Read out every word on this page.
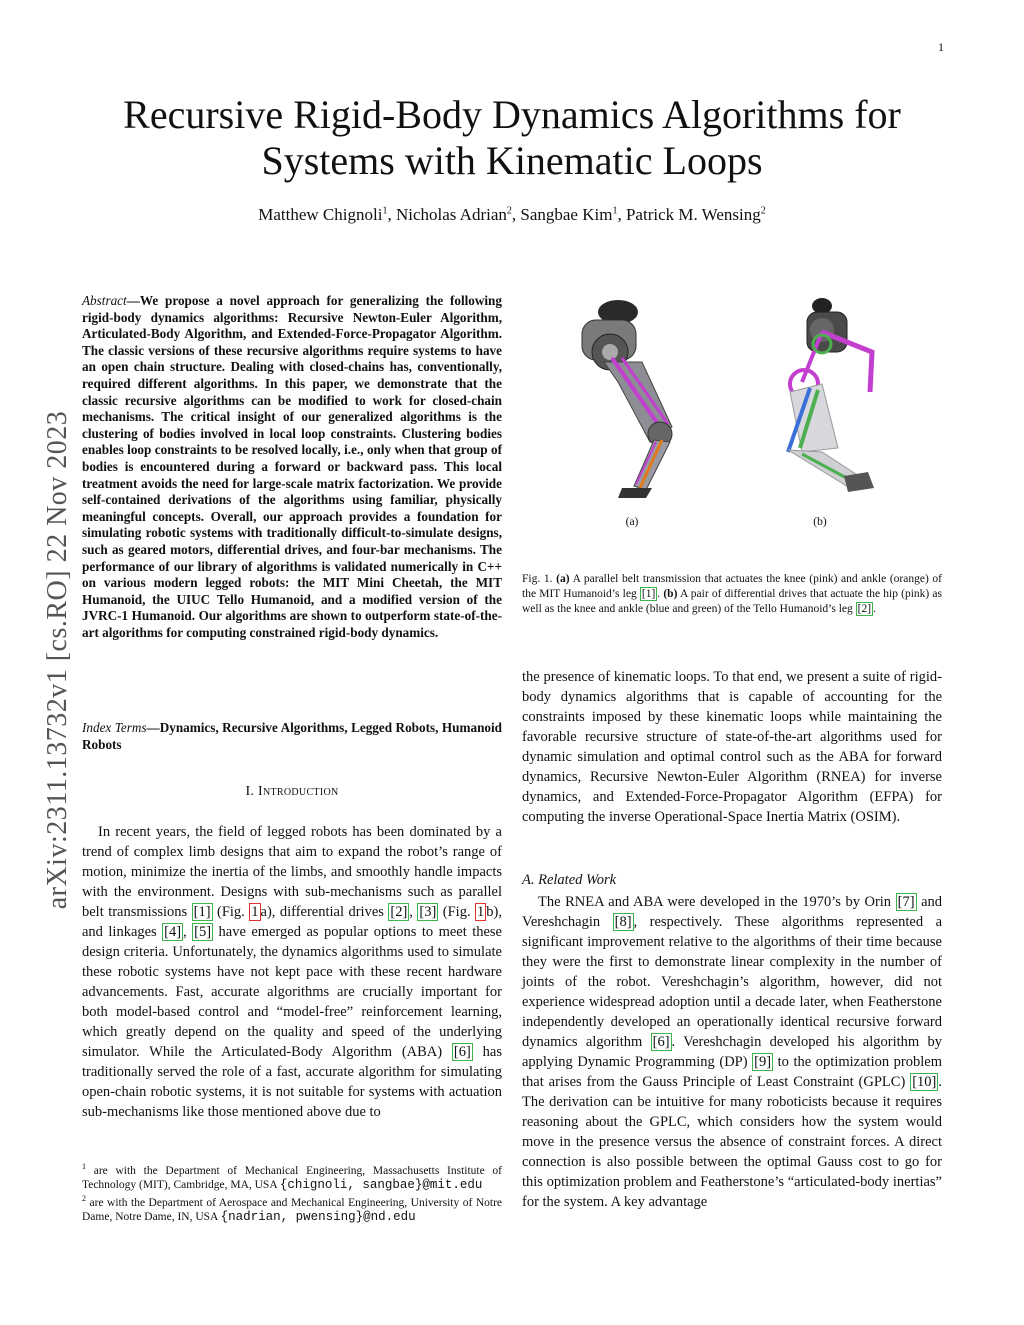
1
arXiv:2311.13732v1 [cs.RO] 22 Nov 2023
Recursive Rigid-Body Dynamics Algorithms for Systems with Kinematic Loops
Matthew Chignoli$^1$, Nicholas Adrian$^2$, Sangbae Kim$^1$, Patrick M. Wensing$^2$
Abstract—We propose a novel approach for generalizing the following rigid-body dynamics algorithms: Recursive Newton-Euler Algorithm, Articulated-Body Algorithm, and Extended-Force-Propagator Algorithm. The classic versions of these recursive algorithms require systems to have an open chain structure. Dealing with closed-chains has, conventionally, required different algorithms. In this paper, we demonstrate that the classic recursive algorithms can be modified to work for closed-chain mechanisms. The critical insight of our generalized algorithms is the clustering of bodies involved in local loop constraints. Clustering bodies enables loop constraints to be resolved locally, i.e., only when that group of bodies is encountered during a forward or backward pass. This local treatment avoids the need for large-scale matrix factorization. We provide self-contained derivations of the algorithms using familiar, physically meaningful concepts. Overall, our approach provides a foundation for simulating robotic systems with traditionally difficult-to-simulate designs, such as geared motors, differential drives, and four-bar mechanisms. The performance of our library of algorithms is validated numerically in C++ on various modern legged robots: the MIT Mini Cheetah, the MIT Humanoid, the UIUC Tello Humanoid, and a modified version of the JVRC-1 Humanoid. Our algorithms are shown to outperform state-of-the-art algorithms for computing constrained rigid-body dynamics.
Index Terms—Dynamics, Recursive Algorithms, Legged Robots, Humanoid Robots
I. Introduction
In recent years, the field of legged robots has been dominated by a trend of complex limb designs that aim to expand the robot’s range of motion, minimize the inertia of the limbs, and smoothly handle impacts with the environment. Designs with sub-mechanisms such as parallel belt transmissions [1] (Fig. 1 a), differential drives [2] , [3] (Fig. 1 b), and linkages [4] , [5] have emerged as popular options to meet these design criteria. Unfortunately, the dynamics algorithms used to simulate these robotic systems have not kept pace with these recent hardware advancements. Fast, accurate algorithms are crucially important for both model-based control and “model-free” reinforcement learning, which greatly depend on the quality and speed of the underlying simulator. While the Articulated-Body Algorithm (ABA) [6] has traditionally served the role of a fast, accurate algorithm for simulating open-chain robotic systems, it is not suitable for systems with actuation sub-mechanisms like those mentioned above due to
$^1$ are with the Department of Mechanical Engineering, Massachusetts Institute of Technology (MIT), Cambridge, MA, USA {chignoli, sangbae}@mit.edu
$^2$ are with the Department of Aerospace and Mechanical Engineering, University of Notre Dame, Notre Dame, IN, USA {nadrian, pwensing}@nd.edu
(a)	(b)
Fig. 1. (a) A parallel belt transmission that actuates the knee (pink) and ankle (orange) of the MIT Humanoid’s leg [1] . (b) A pair of differential drives that actuate the hip (pink) as well as the knee and ankle (blue and green) of the Tello Humanoid’s leg [2] .
the presence of kinematic loops. To that end, we present a suite of rigid-body dynamics algorithms that is capable of accounting for the constraints imposed by these kinematic loops while maintaining the favorable recursive structure of state-of-the-art algorithms used for dynamic simulation and optimal control such as the ABA for forward dynamics, Recursive Newton-Euler Algorithm (RNEA) for inverse dynamics, and Extended-Force-Propagator Algorithm (EFPA) for computing the inverse Operational-Space Inertia Matrix (OSIM).
A. Related Work
The RNEA and ABA were developed in the 1970’s by Orin [7] and Vereshchagin [8] , respectively. These algorithms represented a significant improvement relative to the algorithms of their time because they were the first to demonstrate linear complexity in the number of joints of the robot. Vereshchagin’s algorithm, however, did not experience widespread adoption until a decade later, when Featherstone independently developed an operationally identical recursive forward dynamics algorithm [6] . Vereshchagin developed his algorithm by applying Dynamic Programming (DP) [9] to the optimization problem that arises from the Gauss Principle of Least Constraint (GPLC) [10] . The derivation can be intuitive for many roboticists because it requires reasoning about the GPLC, which considers how the system would move in the presence versus the absence of constraint forces. A direct connection is also possible between the optimal Gauss cost to go for this optimization problem and Featherstone’s “articulated-body inertias” for the system. A key advantage
